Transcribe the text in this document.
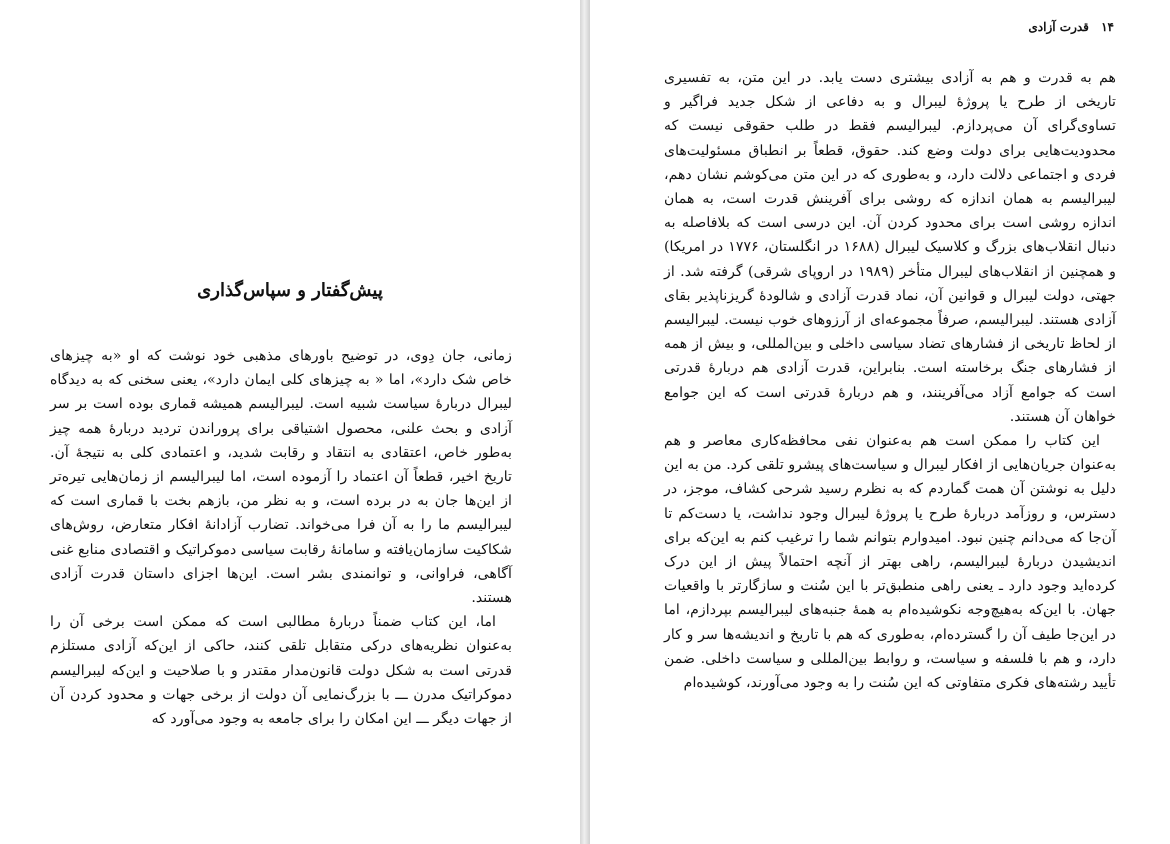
پیش‌گفتار و سپاس‌گذاری

زمانی، جان دِوی، در توضیح باورهای مذهبی خود نوشت که او «به چیزهای خاص شک دارد»، اما « به چیزهای کلی ایمان دارد»، یعنی سخنی که به دیدگاه لیبرال دربارهٔ سیاست شبیه است. لیبرالیسم همیشه قماری بوده است بر سر آزادی و بحث علنی، محصول اشتیاقی برای پروراندن تردید دربارهٔ همه چیز به‌طور خاص، اعتقادی به انتقاد و رقابت شدید، و اعتمادی کلی به نتیجهٔ آن. تاریخ اخیر، قطعاً آن اعتماد را آزموده است، اما لیبرالیسم از زمان‌هایی تیره‌تر از این‌ها جان به در برده است، و به نظر من، بازهم بخت با قماری است که لیبرالیسم ما را به آن فرا می‌خواند. تضارب آزادانهٔ افکار متعارض، روش‌های شکاکیت سازمان‌یافته و سامانهٔ رقابت سیاسی دموکراتیک و اقتصادی منابع غنی آگاهی، فراوانی، و توانمندی بشر است. این‌ها اجزای داستان قدرت آزادی هستند.

اما، این کتاب ضمناً دربارهٔ مطالبی است که ممکن است برخی آن را به‌عنوان نظریه‌های درکی متقابل تلقی کنند، حاکی از این‌که آزادی مستلزم قدرتی است به شکل دولت قانون‌مدار مقتدر و با صلاحیت و این‌که لیبرالیسم دموکراتیک مدرن ـــ با بزرگ‌نمایی آن دولت از برخی جهات و محدود کردن آن از جهات دیگر ـــ این امکان را برای جامعه به وجود می‌آورد که

۱۴ قدرت آزادی

هم به قدرت و هم به آزادی بیشتری دست یابد. در این متن، به تفسیری تاریخی از طرح یا پروژهٔ لیبرال و به دفاعی از شکل جدید فراگیر و تساوی‌گرای آن می‌پردازم. لیبرالیسم فقط در طلب حقوقی نیست که محدودیت‌هایی برای دولت وضع کند. حقوق، قطعاً بر انطباق مسئولیت‌های فردی و اجتماعی دلالت دارد، و به‌طوری که در این متن می‌کوشم نشان دهم، لیبرالیسم به همان اندازه که روشی برای آفرینش قدرت است، به همان اندازه روشی است برای محدود کردن آن. این درسی است که بلافاصله به دنبال انقلاب‌های بزرگ و کلاسیک لیبرال (۱۶۸۸ در انگلستان، ۱۷۷۶ در امریکا) و همچنین از انقلاب‌های لیبرال متأخر (۱۹۸۹ در اروپای شرقی) گرفته شد. از جهتی، دولت لیبرال و قوانین آن، نماد قدرت آزادی و شالودهٔ گریزناپذیر بقای آزادی هستند. لیبرالیسم، صرفاً مجموعه‌ای از آرزوهای خوب نیست. لیبرالیسم از لحاظ تاریخی از فشارهای تضاد سیاسی داخلی و بین‌المللی، و بیش از همه از فشارهای جنگ برخاسته است. بنابراین، قدرت آزادی هم دربارهٔ قدرتی است که جوامع آزاد می‌آفرینند، و هم دربارهٔ قدرتی است که این جوامع خواهان آن هستند.

این کتاب را ممکن است هم به‌عنوان نفی محافظه‌کاری معاصر و هم به‌عنوان جریان‌هایی از افکار لیبرال و سیاست‌های پیشرو تلقی کرد. من به این دلیل به نوشتن آن همت گماردم که به نظرم رسید شرحی کشاف، موجز، در دسترس، و روزآمد دربارهٔ طرح یا پروژهٔ لیبرال وجود نداشت، یا دست‌کم تا آن‌جا که می‌دانم چنین نبود. امیدوارم بتوانم شما را ترغیب کنم به این‌که برای اندیشیدن دربارهٔ لیبرالیسم، راهی بهتر از آنچه احتمالاً پیش از این درک کرده‌اید وجود دارد ـ یعنی راهی منطبق‌تر با این سُنت و سازگارتر با واقعیات جهان. با این‌که به‌هیچ‌وجه نکوشیده‌ام به همهٔ جنبه‌های لیبرالیسم بپردازم، اما در این‌جا طیف آن را گسترده‌ام، به‌طوری که هم با تاریخ و اندیشه‌ها سر و کار دارد، و هم با فلسفه و سیاست، و روابط بین‌المللی و سیاست داخلی. ضمن تأیید رشته‌های فکری متفاوتی که این سُنت را به وجود می‌آورند، کوشیده‌ام
